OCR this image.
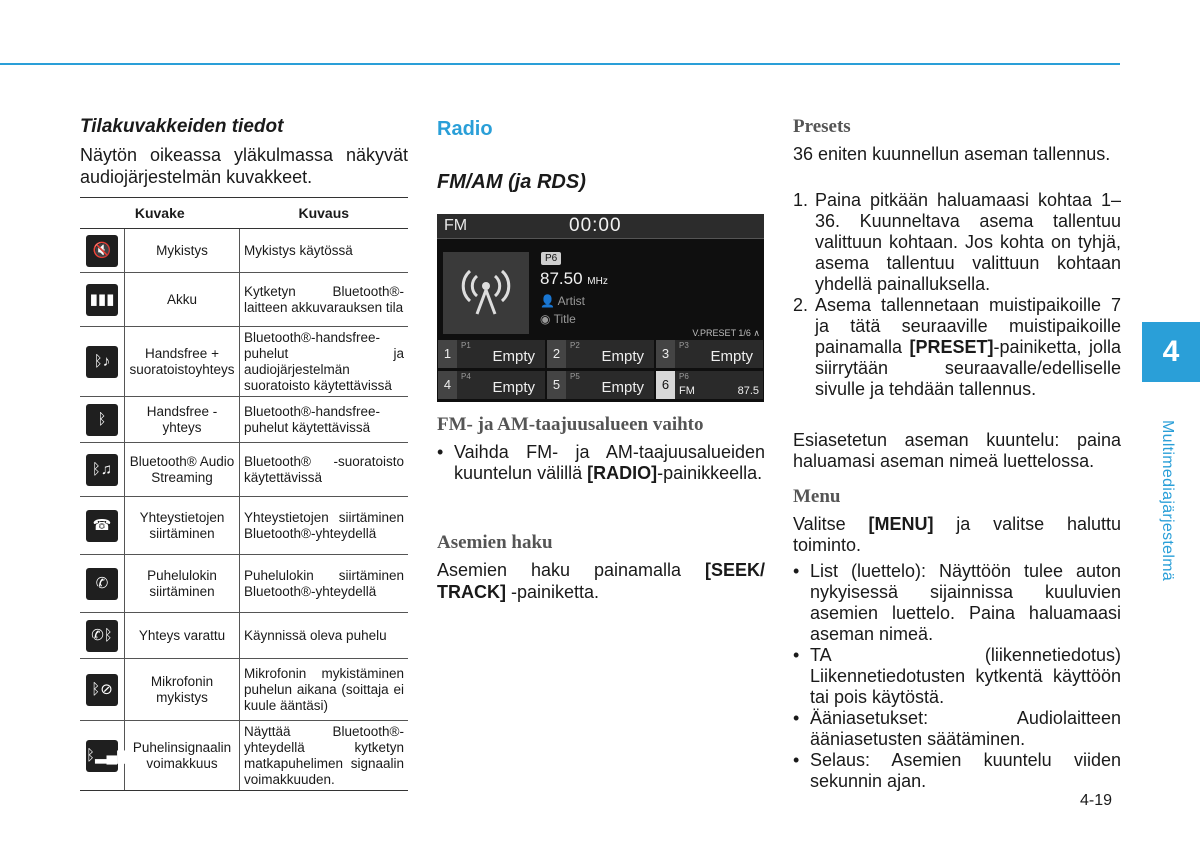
4
Multimediajärjestelmä
Tilakuvakkeiden tiedot

Näytön oikeassa yläkulmassa näkyvät audiojärjestelmän kuvakkeet.

Kuvake		Kuvaus
🔇	Mykistys	Mykistys käytössä
▮▮▮	Akku	Kytketyn Bluetooth®-laitteen akkuvarauksen tila
ᛒ♪	Handsfree + suoratoistoyhteys	Bluetooth®-handsfree-puhelut ja audiojärjestelmän suoratoisto käytettävissä
ᛒ	Handsfree -yhteys	Bluetooth®-handsfree-puhelut käytettävissä
ᛒ♫	Bluetooth® Audio Streaming	Bluetooth® -suoratoisto käytettävissä
☎	Yhteystietojen siirtäminen	Yhteystietojen siirtäminen Bluetooth®-yhteydellä
✆	Puhelulokin siirtäminen	Puhelulokin siirtäminen Bluetooth®-yhteydellä
✆ᛒ	Yhteys varattu	Käynnissä oleva puhelu
ᛒ⊘	Mikrofonin mykistys	Mikrofonin mykistäminen puhelun aikana (soittaja ei kuule ääntäsi)
ᛒ▂▄▆	Puhelinsignaalin voimakkuus	Näyttää Bluetooth®-yhteydellä kytketyn matkapuhelimen signaalin voimakkuuden.
Radio
FM/AM (ja RDS)
FM	00:00
P6
87.50 MHz
👤 Artist
◉ Title
V.PRESET 1/6 ∧
1
P1
Empty	2
P2
Empty	3
P3
Empty
4
P4
Empty	5
P5
Empty	6
P6
FM	87.5
FM- ja AM-taajuusalueen vaihto
• Vaihda FM- ja AM-taajuusalueiden kuuntelun välillä [RADIO]-painikkeella.
Asemien haku

Asemien haku painamalla [SEEK/ TRACK] -painiketta.

Presets

36 eniten kuunnellun aseman tallennus.

1. Paina pitkään haluamaasi kohtaa 1–36. Kuunneltava asema tallentuu valittuun kohtaan. Jos kohta on tyhjä, asema tallentuu valittuun kohtaan yhdellä painalluksella.
2. Asema tallennetaan muistipaikoille 7 ja tätä seuraaville muistipaikoille painamalla [PRESET]-painiketta, jolla siirrytään seuraavalle/edelliselle sivulle ja tehdään tallennus.

Esiasetetun aseman kuuntelu: paina haluamasi aseman nimeä luettelossa.

Menu

Valitse [MENU] ja valitse haluttu toiminto.

• List (luettelo): Näyttöön tulee auton nykyisessä sijainnissa kuuluvien asemien luettelo. Paina haluamaasi aseman nimeä.
• TA (liikennetiedotus) Liikennetiedotusten kytkentä käyttöön tai pois käytöstä.
• Ääniasetukset: Audiolaitteen ääniasetusten säätäminen.
• Selaus: Asemien kuuntelu viiden sekunnin ajan.
4-19
